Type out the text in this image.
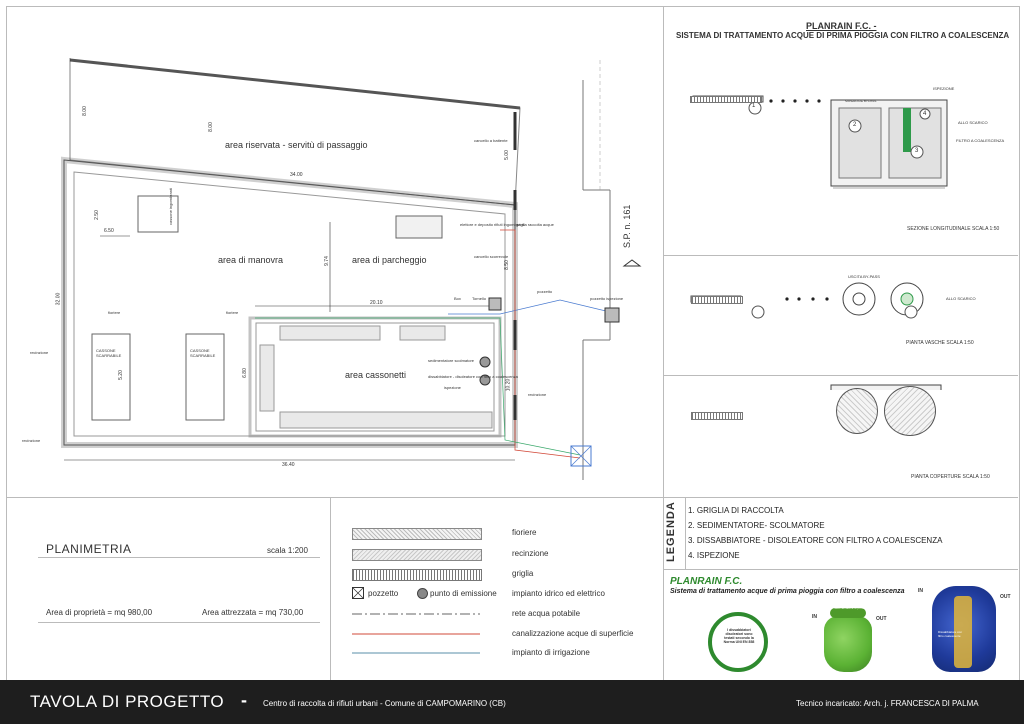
area riservata - servitù di passaggio
area di manovra	area di parcheggio
area cassonetti
S.P. n. 161
CASSONE
SCARRABILE
CASSONE
SCARRABILE
36.40
34.00
20.10
9.74
6.50
32.00
8.00
8.00
2.50
5.00
8.50
5.20	6.80
10.20
recinzione
recinzione
recinzione
fioriere	fioriere
cancello a battente
griglia raccolta acque
elettore e deposito rifiuti ingombranti
cancello scorrevole
pozzetto
Box	Tornello	pozzetto ispezione
sedimentatore scolmatore
dissabbiatore - disoleatore con filtro a coalescenza
ispezione
cassone ingombranti
PLANRAIN F.C. -
SISTEMA DI TRATTAMENTO ACQUE DI PRIMA PIOGGIA CON FILTRO A COALESCENZA
1
2
3
4
ISPEZIONE
ALLO SCARICO
FILTRO A COALESCENZA
SUPERFICIE BY-PASS
USCITA BY-PASS
ALLO SCARICO
SEZIONE LONGITUDINALE SCALA 1:50
PIANTA VASCHE SCALA 1:50
PIANTA COPERTURE SCALA 1:50
LEGENDA 1. GRIGLIA DI RACCOLTA
2. SEDIMENTATORE- SCOLMATORE
3. DISSABBIATORE - DISOLEATORE CON FILTRO A COALESCENZA
4. ISPEZIONE
PLANRAIN F.C.
Sistema di trattamento acque di prima pioggia con filtro a coalescenza
I dissabbiatori disoleatori sono testati secondo la Norma UNI EN 858
Sedimentatore di prima pioggia
IN	OUT
Dissabbiatore con filtro coalescente
IN
OUT
PLANIMETRIA	scala 1:200
Area di proprietà = mq 980,00	Area attrezzata = mq 730,00
fioriere
recinzione
griglia
pozzetto	punto di emissione impianto idrico ed elettrico
rete acqua potabile
canalizzazione acque di superficie
impianto di irrigazione
TAVOLA DI PROGETTO - Centro di raccolta di rifiuti urbani - Comune di CAMPOMARINO (CB)	Tecnico incaricato: Arch. j. FRANCESCA DI PALMA
